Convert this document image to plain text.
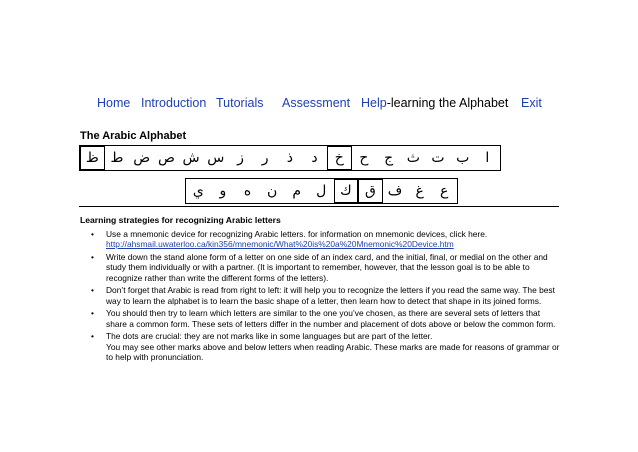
Home Introduction Tutorials Assessment Help-learning the Alphabet Exit
The Arabic Alphabet
ظ ط ض ص ش س ز	ر	ذ	د	خ	ح	ج ث ت ب	ا
ي	و	ه	ن	م	ل ك ق ف غ	ع
Learning strategies for recognizing Arabic letters
• Use a mnemonic device for recognizing Arabic letters. for information on mnemonic devices, click here.
http://ahsmail.uwaterloo.ca/kin356/mnemonic/What%20is%20a%20Mnemonic%20Device.htm
• Write down the stand alone form of a letter on one side of an index card, and the initial, final, or medial on the other and study them individually or with a partner. (It is important to remember, however, that the lesson goal is to be able to recognize rather than write the different forms of the letters).
• Don’t forget that Arabic is read from right to left: it will help you to recognize the letters if you read the same way. The best way to learn the alphabet is to learn the basic shape of a letter, then learn how to detect that shape in its joined forms.
• You should then try to learn which letters are similar to the one you’ve chosen, as there are several sets of letters that share a common form. These sets of letters differ in the number and placement of dots above or below the common form.
• The dots are crucial: they are not marks like in some languages but are part of the letter.
You may see other marks above and below letters when reading Arabic. These marks are made for reasons of grammar or to help with pronunciation.
